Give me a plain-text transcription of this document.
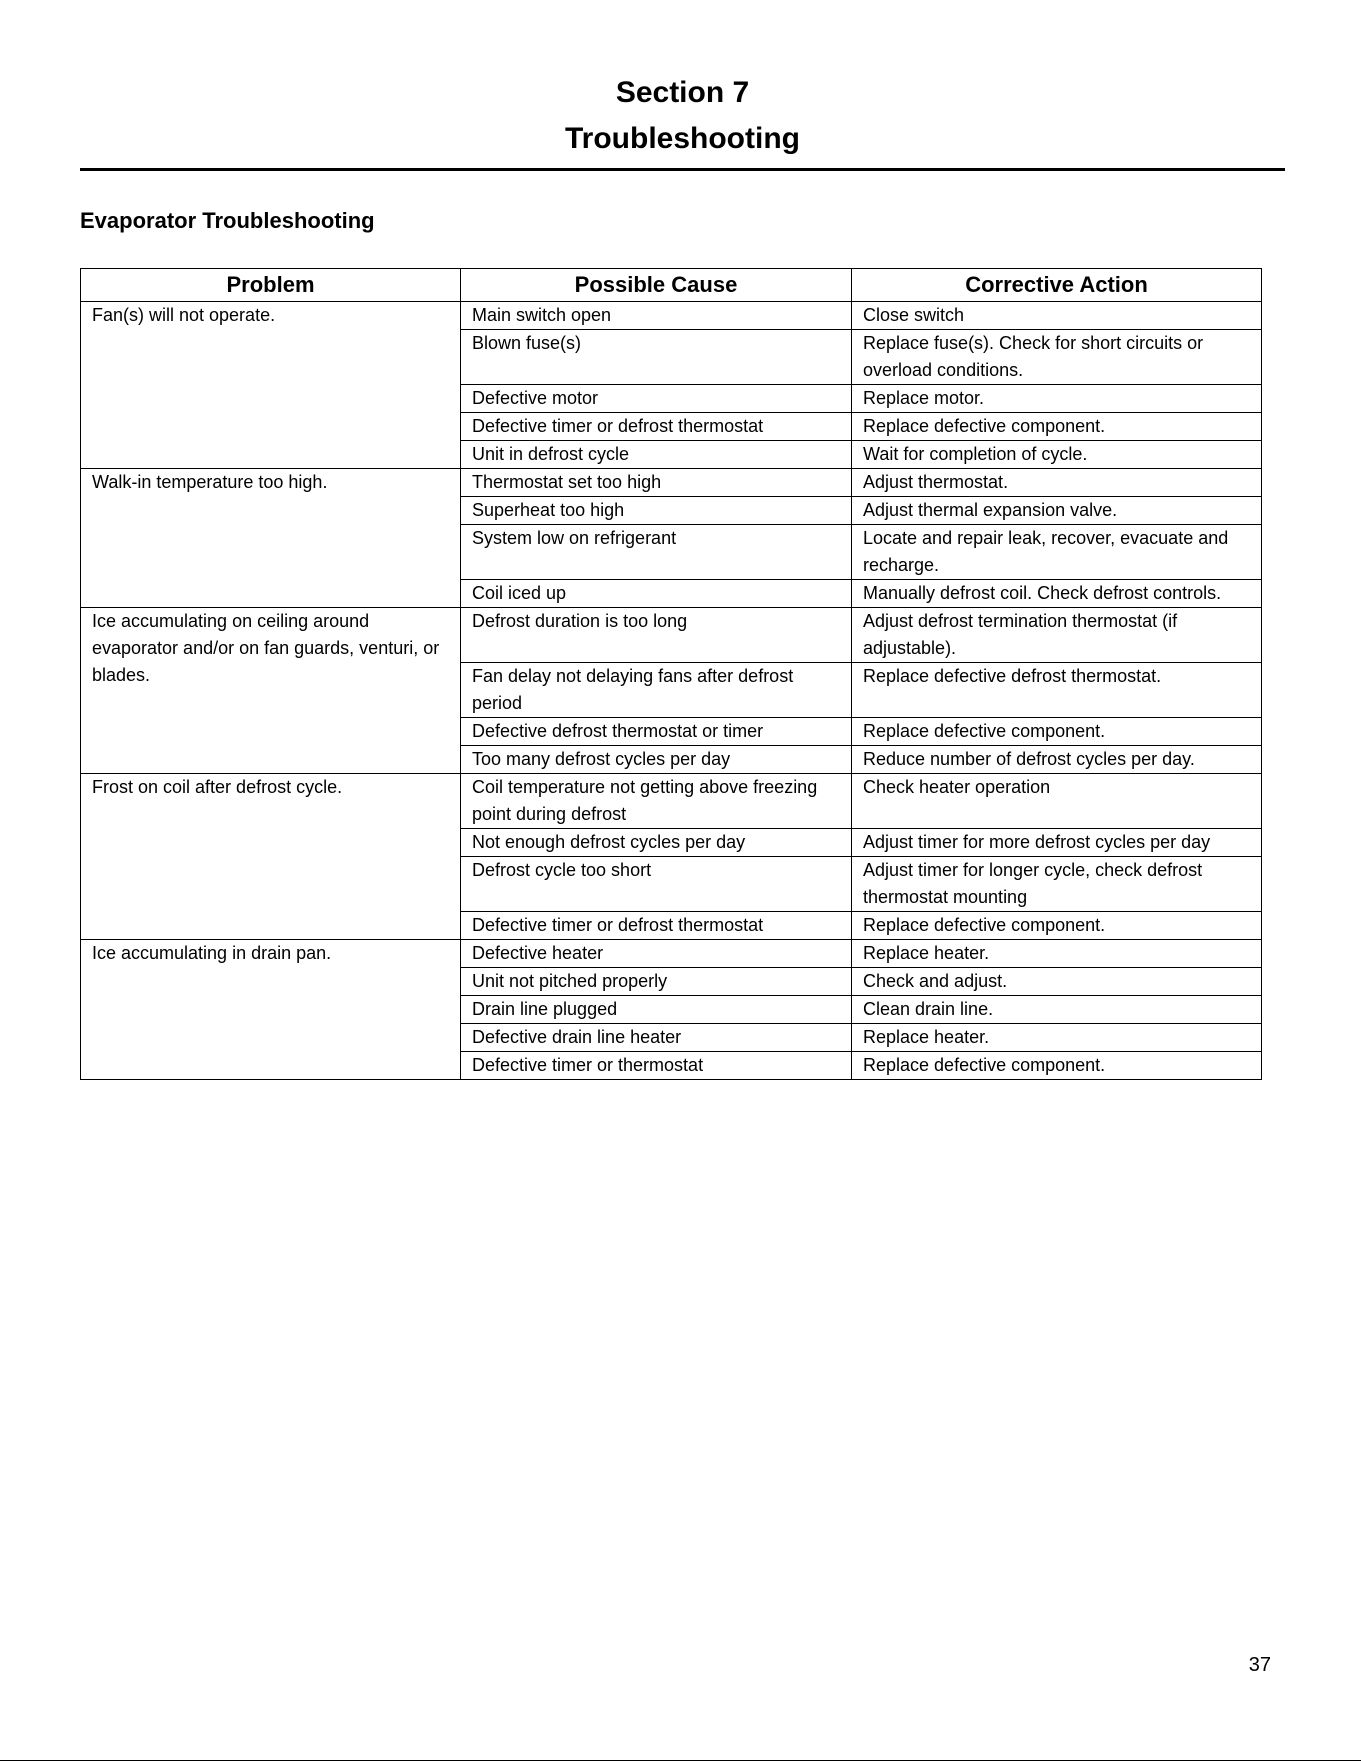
Section 7
Troubleshooting
Evaporator Troubleshooting
Problem	Possible Cause	Corrective Action
Fan(s) will not operate.	Main switch open	Close switch
	Blown fuse(s)	Replace fuse(s). Check for short circuits or overload conditions.
	Defective motor	Replace motor.
	Defective timer or defrost thermostat	Replace defective component.
	Unit in defrost cycle	Wait for completion of cycle.
Walk-in temperature too high.	Thermostat set too high	Adjust thermostat.
	Superheat too high	Adjust thermal expansion valve.
	System low on refrigerant	Locate and repair leak, recover, evacuate and recharge.
	Coil iced up	Manually defrost coil. Check defrost controls.
Ice accumulating on ceiling around evaporator and/or on fan guards, venturi, or blades.	Defrost duration is too long	Adjust defrost termination thermostat (if adjustable).
	Fan delay not delaying fans after defrost period	Replace defective defrost thermostat.
	Defective defrost thermostat or timer	Replace defective component.
	Too many defrost cycles per day	Reduce number of defrost cycles per day.
Frost on coil after defrost cycle.	Coil temperature not getting above freezing point during defrost	Check heater operation
	Not enough defrost cycles per day	Adjust timer for more defrost cycles per day
	Defrost cycle too short	Adjust timer for longer cycle, check defrost thermostat mounting
	Defective timer or defrost thermostat	Replace defective component.
Ice accumulating in drain pan.	Defective heater	Replace heater.
	Unit not pitched properly	Check and adjust.
	Drain line plugged	Clean drain line.
	Defective drain line heater	Replace heater.
	Defective timer or thermostat	Replace defective component.
37
